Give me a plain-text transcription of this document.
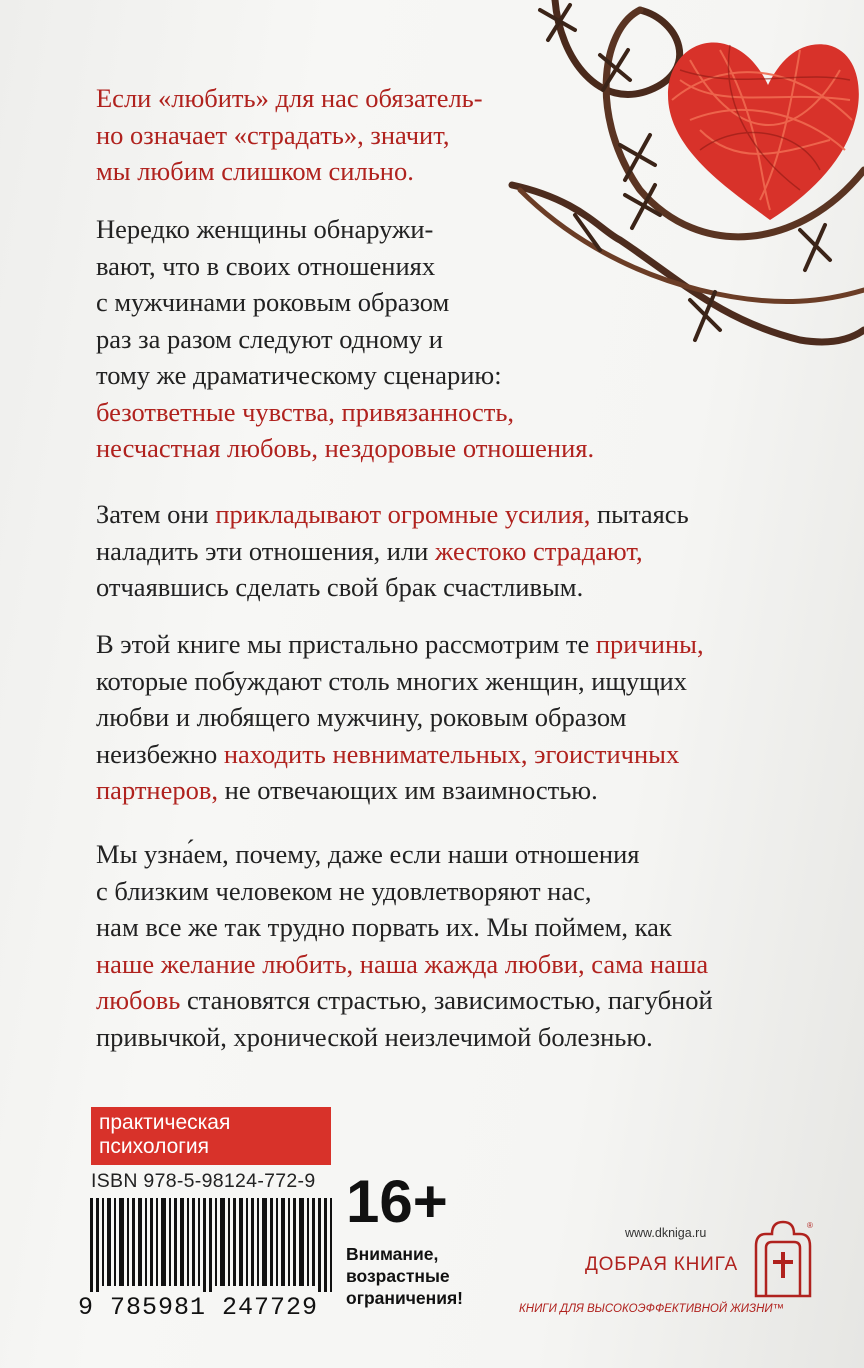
Если «любить» для нас обязатель-
но означает «страдать», значит,
мы любим слишком сильно.
Нередко женщины обнаружи-
вают, что в своих отношениях
с мужчинами роковым образом
раз за разом следуют одному и
тому же драматическому сценарию:
безответные чувства, привязанность,
несчастная любовь, нездоровые отношения.
Затем они прикладывают огромные усилия, пытаясь
наладить эти отношения, или жестоко страдают,
отчаявшись сделать свой брак счастливым.
В этой книге мы пристально рассмотрим те причины,
которые побуждают столь многих женщин, ищущих
любви и любящего мужчину, роковым образом
неизбежно находить невнимательных, эгоистичных
партнеров, не отвечающих им взаимностью.
Мы узна́ем, почему, даже если наши отношения
с близким человеком не удовлетворяют нас,
нам все же так трудно порвать их. Мы поймем, как
наше желание любить, наша жажда любви, сама наша
любовь становятся страстью, зависимостью, пагубной
привычкой, хронической неизлечимой болезнью.
практическая
психология
ISBN 978-5-98124-772-9
9 785981 247729
16+
Внимание,
возрастные
ограничения!
www.dkniga.ru
ДОБРАЯ КНИГА
КНИГИ ДЛЯ ВЫСОКОЭФФЕКТИВНОЙ ЖИЗНИ™
®
